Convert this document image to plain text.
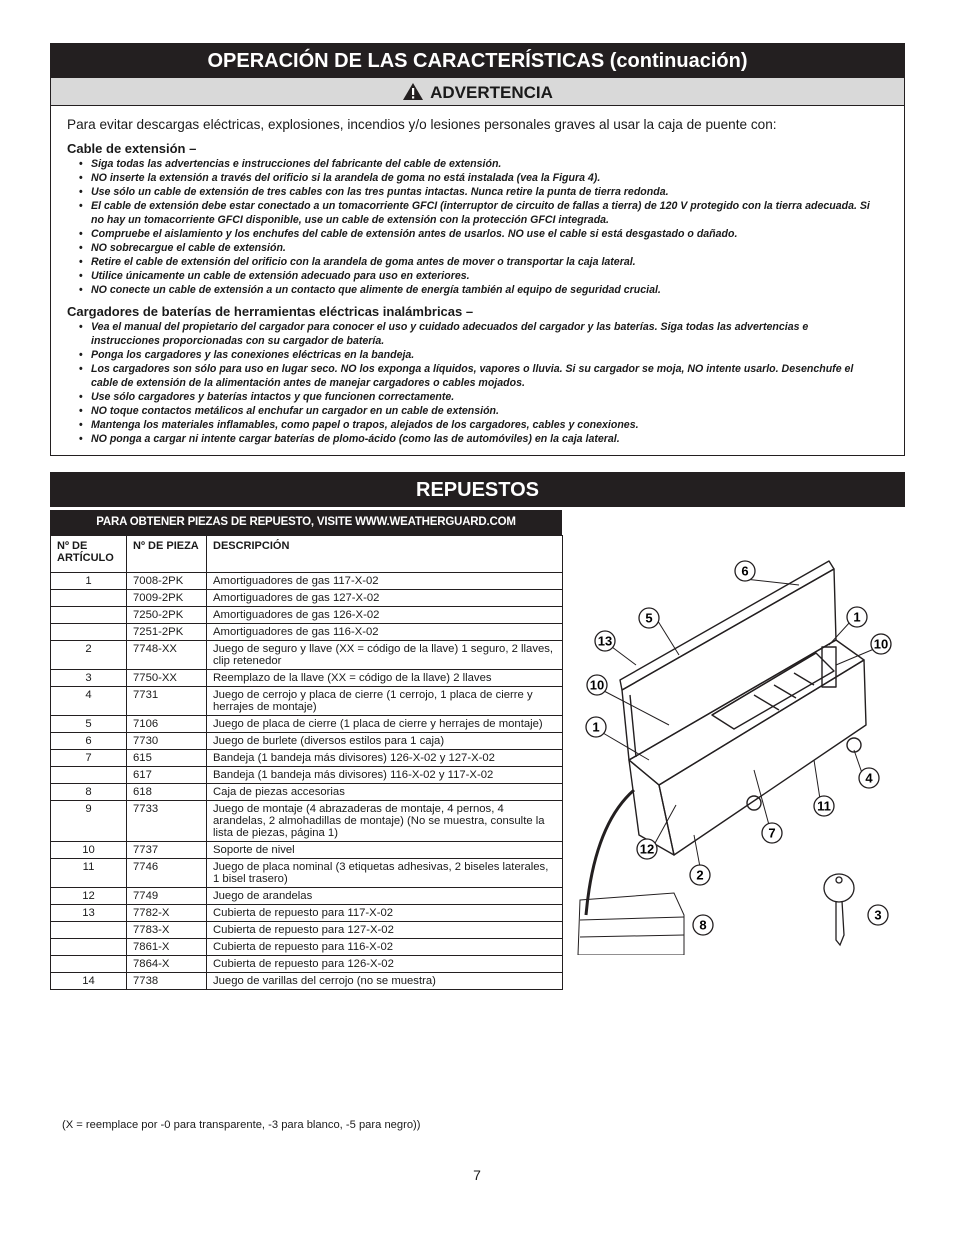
OPERACIÓN DE LAS CARACTERÍSTICAS (continuación)
ADVERTENCIA
Para evitar descargas eléctricas, explosiones, incendios y/o lesiones personales graves al usar la caja de puente con:
Cable de extensión –
• Siga todas las advertencias e instrucciones del fabricante del cable de extensión.
• NO inserte la extensión a través del orificio si la arandela de goma no está instalada (vea la Figura 4).
• Use sólo un cable de extensión de tres cables con las tres puntas intactas. Nunca retire la punta de tierra redonda.
• El cable de extensión debe estar conectado a un tomacorriente GFCI (interruptor de circuito de fallas a tierra) de 120 V protegido con la tierra adecuada. Si no hay un tomacorriente GFCI disponible, use un cable de extensión con la protección GFCI integrada.
• Compruebe el aislamiento y los enchufes del cable de extensión antes de usarlos. NO use el cable si está desgastado o dañado.
• NO sobrecargue el cable de extensión.
• Retire el cable de extensión del orificio con la arandela de goma antes de mover o transportar la caja lateral.
• Utilice únicamente un cable de extensión adecuado para uso en exteriores.
• NO conecte un cable de extensión a un contacto que alimente de energía también al equipo de seguridad crucial.
Cargadores de baterías de herramientas eléctricas inalámbricas –
• Vea el manual del propietario del cargador para conocer el uso y cuidado adecuados del cargador y las baterías. Siga todas las advertencias e instrucciones proporcionadas con su cargador de batería.
• Ponga los cargadores y las conexiones eléctricas en la bandeja.
• Los cargadores son sólo para uso en lugar seco. NO los exponga a líquidos, vapores o lluvia. Si su cargador se moja, NO intente usarlo. Desenchufe el cable de extensión de la alimentación antes de manejar cargadores o cables mojados.
• Use sólo cargadores y baterías intactos y que funcionen correctamente.
• NO toque contactos metálicos al enchufar un cargador en un cable de extensión.
• Mantenga los materiales inflamables, como papel o trapos, alejados de los cargadores, cables y conexiones.
• NO ponga a cargar ni intente cargar baterías de plomo-ácido (como las de automóviles) en la caja lateral.
REPUESTOS
PARA OBTENER PIEZAS DE REPUESTO, VISITE WWW.WEATHERGUARD.COM
Nº DE ARTÍCULO	Nº DE PIEZA	DESCRIPCIÓN
1	7008-2PK	Amortiguadores de gas 117-X-02
	7009-2PK	Amortiguadores de gas 127-X-02
	7250-2PK	Amortiguadores de gas 126-X-02
	7251-2PK	Amortiguadores de gas 116-X-02
2	7748-XX	Juego de seguro y llave (XX = código de la llave) 1 seguro, 2 llaves, clip retenedor
3	7750-XX	Reemplazo de la llave (XX = código de la llave) 2 llaves
4	7731	Juego de cerrojo y placa de cierre (1 cerrojo, 1 placa de cierre y herrajes de montaje)
5	7106	Juego de placa de cierre (1 placa de cierre y herrajes de montaje)
6	7730	Juego de burlete (diversos estilos para 1 caja)
7	615	Bandeja (1 bandeja más divisores) 126-X-02 y 127-X-02
	617	Bandeja (1 bandeja más divisores) 116-X-02 y 117-X-02
8	618	Caja de piezas accesorias
9	7733	Juego de montaje (4 abrazaderas de montaje, 4 pernos, 4 arandelas, 2 almohadillas de montaje) (No se muestra, consulte la lista de piezas, página 1)
10	7737	Soporte de nivel
11	7746	Juego de placa nominal (3 etiquetas adhesivas, 2 biseles laterales, 1 bisel trasero)
12	7749	Juego de arandelas
13	7782-X	Cubierta de repuesto para 117-X-02
	7783-X	Cubierta de repuesto para 127-X-02
	7861-X	Cubierta de repuesto para 116-X-02
	7864-X	Cubierta de repuesto para 126-X-02
14	7738	Juego de varillas del cerrojo (no se muestra)
(X = reemplace por -0 para transparente, -3 para blanco, -5 para negro))
6
5	1
13	10
10
1
4
11
7
12
2
8
3
7
